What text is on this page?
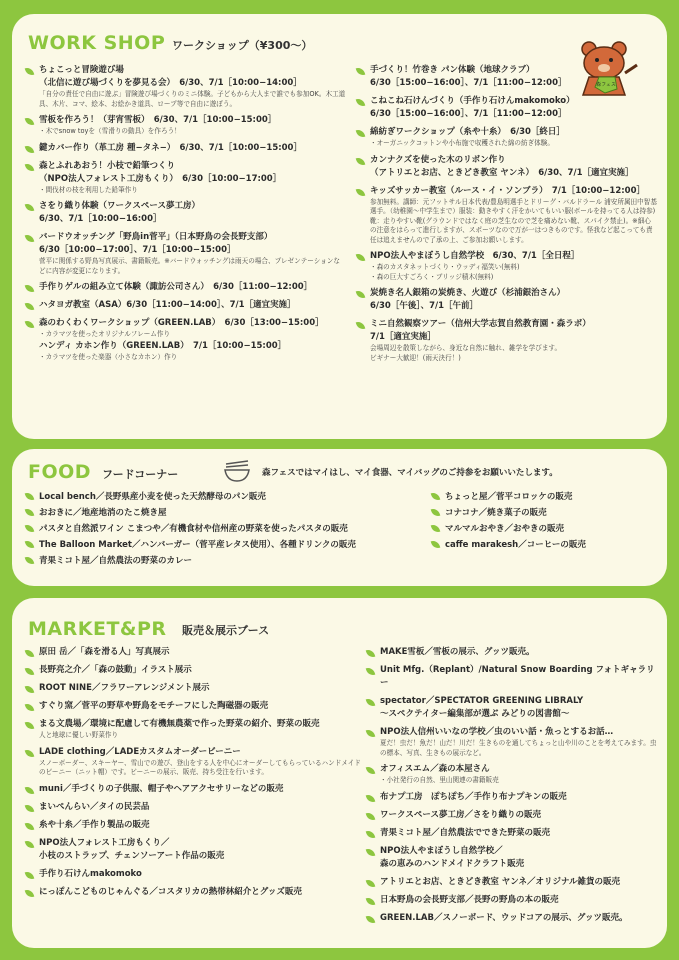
WORK SHOP ワークショップ（¥300〜）
ちょこっと冒険遊び場
（北信に遊び場づくりを夢見る会）　6/30、7/1［10:00−14:00］
「自分の責任で自由に遊ぶ」冒険遊び場づくりのミニ体験。子どもから大人まで誰でも参加OK。木工道具、木片、コマ、絵本、お絵かき道具、ロープ等で自由に遊ぼう。
雪板を作ろう！（芽宵雪板）　6/30、7/1［10:00−15:00］
・木でsnow toyを（雪滑りの動具）を作ろう！
鍵カバー作り（革工房 種−タネ−）　6/30、7/1［10:00−15:00］
森とふれあおう！小枝で鉛筆つくり
（NPO法人フォレスト工房もくり）　6/30［10:00−17:00］
・間伐材の枝を利用した鉛筆作り
さをり織り体験（ワークスペース夢工房）
6/30、7/1［10:00−16:00］
バードウオッチング「野鳥in菅平」（日本野鳥の会長野支部）
6/30［10:00−17:00］、7/1［10:00−15:00］
菅平に関係する野鳥写真展示、書籍販売。※バードウォッチングは雨天の場合、プレゼンテーションなどに内容が変更になります。
手作りゲルの組み立て体験（諏訪公司さん）　6/30［11:00−12:00］
ハタヨガ教室（ASA）6/30［11:00−14:00］、7/1［適宜実施］
森のわくわくワークショップ（GREEN.LAB）　6/30［13:00−15:00］
・カラマツを使ったオリジナルフレーム作り
ハンディ カホン作り（GREEN.LAB）　7/1［10:00−15:00］
・カラマツを使った楽器（小さなカホン）作り
手づくり！竹巻き パン体験（地球クラブ）
6/30［15:00−16:00］、7/1［11:00−12:00］
こねこね石けんづくり（手作り石けんmakomoko）
6/30［15:00−16:00］、7/1［11:00−12:00］
綿紡ぎワークショップ（糸や十糸）　6/30［終日］
・オーガニックコットンや小布施で収穫された綿の紡ぎ体験。
カンナクズを使った木のリボン作り
（アトリエとお店、ときどき教室 ヤンネ）　6/30、7/1［適宜実施］
キッズサッカー教室（ルース・イ・ソンブラ）　7/1［10:00−12:00］
参加無料。講師：元フットサル日本代表/豊島明選手とドリーグ・バルドラール 浦安所属田中智基選手。（幼稚園〜中学生まで）服装：動きやすく汗をかいてもいい服(ボールを持ってる人は持参)靴：走りやすい靴(グラウンドではなく庭の芝生なので芝を痛めない靴、スパイク禁止)。※細心の注意をはらって進行しますが、スポーツなので万が一はつきものです。怪我など起こっても責任は追えませんので了承の上、ご参加お願いします。
NPO法人やまぼうし自然学校　6/30、7/1［全日程］
・森のカスタネットづくり・ウッディ福笑い(無料)
・森の巨大すごろく・ブリッジ積木(無料)
炭焼き名人銀箱の炭焼き、火遊び（杉浦銀治さん）
6/30［午後］、7/1［午前］
ミニ自然観察ツアー（信州大学志賀自然教育園・森ラボ）
7/1［適宜実施］
会場周辺を散策しながら、身近な自然に触れ、雑学を学びます。
ビギナー大歓迎！(雨天決行！)
森フェス
FOOD フードコーナー	森フェスではマイはし、マイ食器、マイバッグのご持参をお願いいたします。
Local bench／長野県産小麦を使った天然酵母のパン販売
おおきに／地産地消のたこ焼き屋
パスタと自然派ワイン こまつや／有機食材や信州産の野菜を使ったパスタの販売
The Balloon Market／ハンバーガー（菅平産レタス使用）、各種ドリンクの販売
青果ミコト屋／自然農法の野菜のカレー
ちょっと屋／菅平コロッケの販売
コナコナ／焼き菓子の販売
マルマルおやき／おやきの販売
caffe marakesh／コーヒーの販売
MARKET&PR 販売＆展示ブース
原田 岳／「森を滑る人」写真展示
長野亮之介／「森の鼓動」イラスト展示
ROOT NINE／フラワーアレンジメント展示
すぐり窯／菅平の野草や野鳥をモチーフにした陶磁器の販売
まる文農場／環境に配慮して有機無農薬で作った野菜の紹介、野菜の販売
人と地球に優しい野菜作り
LADE clothing／LADEカスタムオーダービーニー
スノーボーダー、スキーヤー、雪山での遊び、登山をする人を中心にオーダーしてもらっているハンドメイドのビーニー（ニット帽）です。ビーニーの展示、販売、持ち受注を行います。
muni／手づくりの子供服、帽子やヘアアクセサリーなどの販売
まいぺんらい／タイの民芸品
糸や十糸／手作り製品の販売
NPO法人フォレスト工房もくり／
小枝のストラップ、チェンソーアート作品の販売
手作り石けんmakomoko
にっぽんこどものじゃんぐる／コスタリカの熱帯林紹介とグッズ販売
MAKE雪板／雪板の展示、グッツ販売。
Unit Mfg.（Replant）/Natural Snow Boarding フォトギャラリー
spectator／SPECTATOR GREENING LIBRALY
〜スペクテイター編集部が選ぶ みどりの図書館〜
NPO法人信州いいなの学校／虫のいい話・魚っとするお話…
夏だ！虫だ！魚だ！山だ！川だ！生きものを通してちょっと山や川のことを考えてみます。虫の標本、写真、生きもの展示など。
オフィスエム／森の本屋さん
・小社発行の自然、里山関連の書籍販売
布ナプ工房　ぽちぽち／手作り布ナプキンの販売
ワークスペース夢工房／さをり織りの販売
青果ミコト屋／自然農法でできた野菜の販売
NPO法人やまぼうし自然学校／
森の恵みのハンドメイドクラフト販売
アトリエとお店、ときどき教室 ヤンネ／オリジナル雑貨の販売
日本野鳥の会長野支部／長野の野鳥の本の販売
GREEN.LAB／スノーボード、ウッドコアの展示、グッツ販売。
